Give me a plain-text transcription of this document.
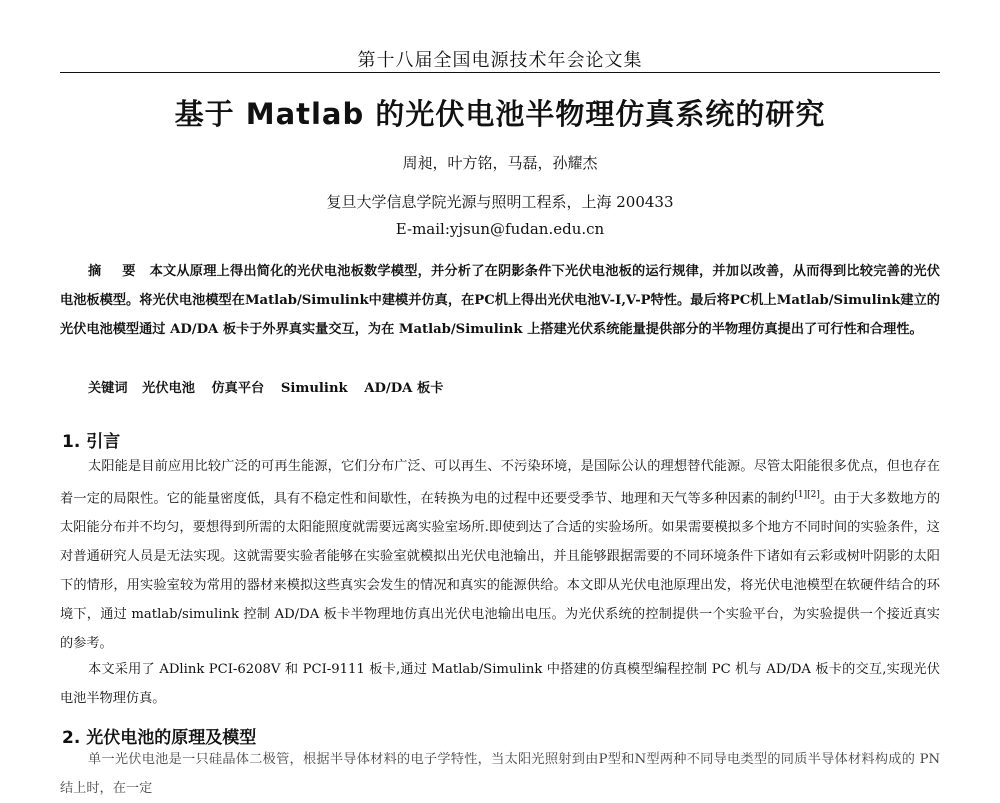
第十八届全国电源技术年会论文集
基于 Matlab 的光伏电池半物理仿真系统的研究
周昶，叶方铭，马磊，孙耀杰
复旦大学信息学院光源与照明工程系，上海 200433
E-mail:yjsun@fudan.edu.cn
摘 要 本文从原理上得出简化的光伏电池板数学模型，并分析了在阴影条件下光伏电池板的运行规律，并加以改善，从而得到比较完善的光伏电池板模型。将光伏电池模型在Matlab/Simulink中建模并仿真，在PC机上得出光伏电池V-I,V-P特性。最后将PC机上Matlab/Simulink建立的光伏电池模型通过 AD/DA 板卡于外界真实量交互，为在 Matlab/Simulink 上搭建光伏系统能量提供部分的半物理仿真提出了可行性和合理性。
关键词 光伏电池 仿真平台 Simulink AD/DA 板卡
1. 引言
太阳能是目前应用比较广泛的可再生能源，它们分布广泛、可以再生、不污染环境，是国际公认的理想替代能源。尽管太阳能很多优点，但也存在着一定的局限性。它的能量密度低，具有不稳定性和间歇性，在转换为电的过程中还要受季节、地理和天气等多种因素的制约[1][2]。由于大多数地方的太阳能分布并不均匀，要想得到所需的太阳能照度就需要远离实验室场所.即使到达了合适的实验场所。如果需要模拟多个地方不同时间的实验条件，这对普通研究人员是无法实现。这就需要实验者能够在实验室就模拟出光伏电池输出，并且能够跟据需要的不同环境条件下诸如有云彩或树叶阴影的太阳下的情形，用实验室较为常用的器材来模拟这些真实会发生的情况和真实的能源供给。本文即从光伏电池原理出发，将光伏电池模型在软硬件结合的环境下，通过 matlab/simulink 控制 AD/DA 板卡半物理地仿真出光伏电池输出电压。为光伏系统的控制提供一个实验平台，为实验提供一个接近真实的参考。
本文采用了 ADlink PCI-6208V 和 PCI-9111 板卡,通过 Matlab/Simulink 中搭建的仿真模型编程控制 PC 机与 AD/DA 板卡的交互,实现光伏电池半物理仿真。
2. 光伏电池的原理及模型
单一光伏电池是一只硅晶体二极管，根据半导体材料的电子学特性，当太阳光照射到由P型和N型两种不同导电类型的同质半导体材料构成的 PN 结上时，在一定
